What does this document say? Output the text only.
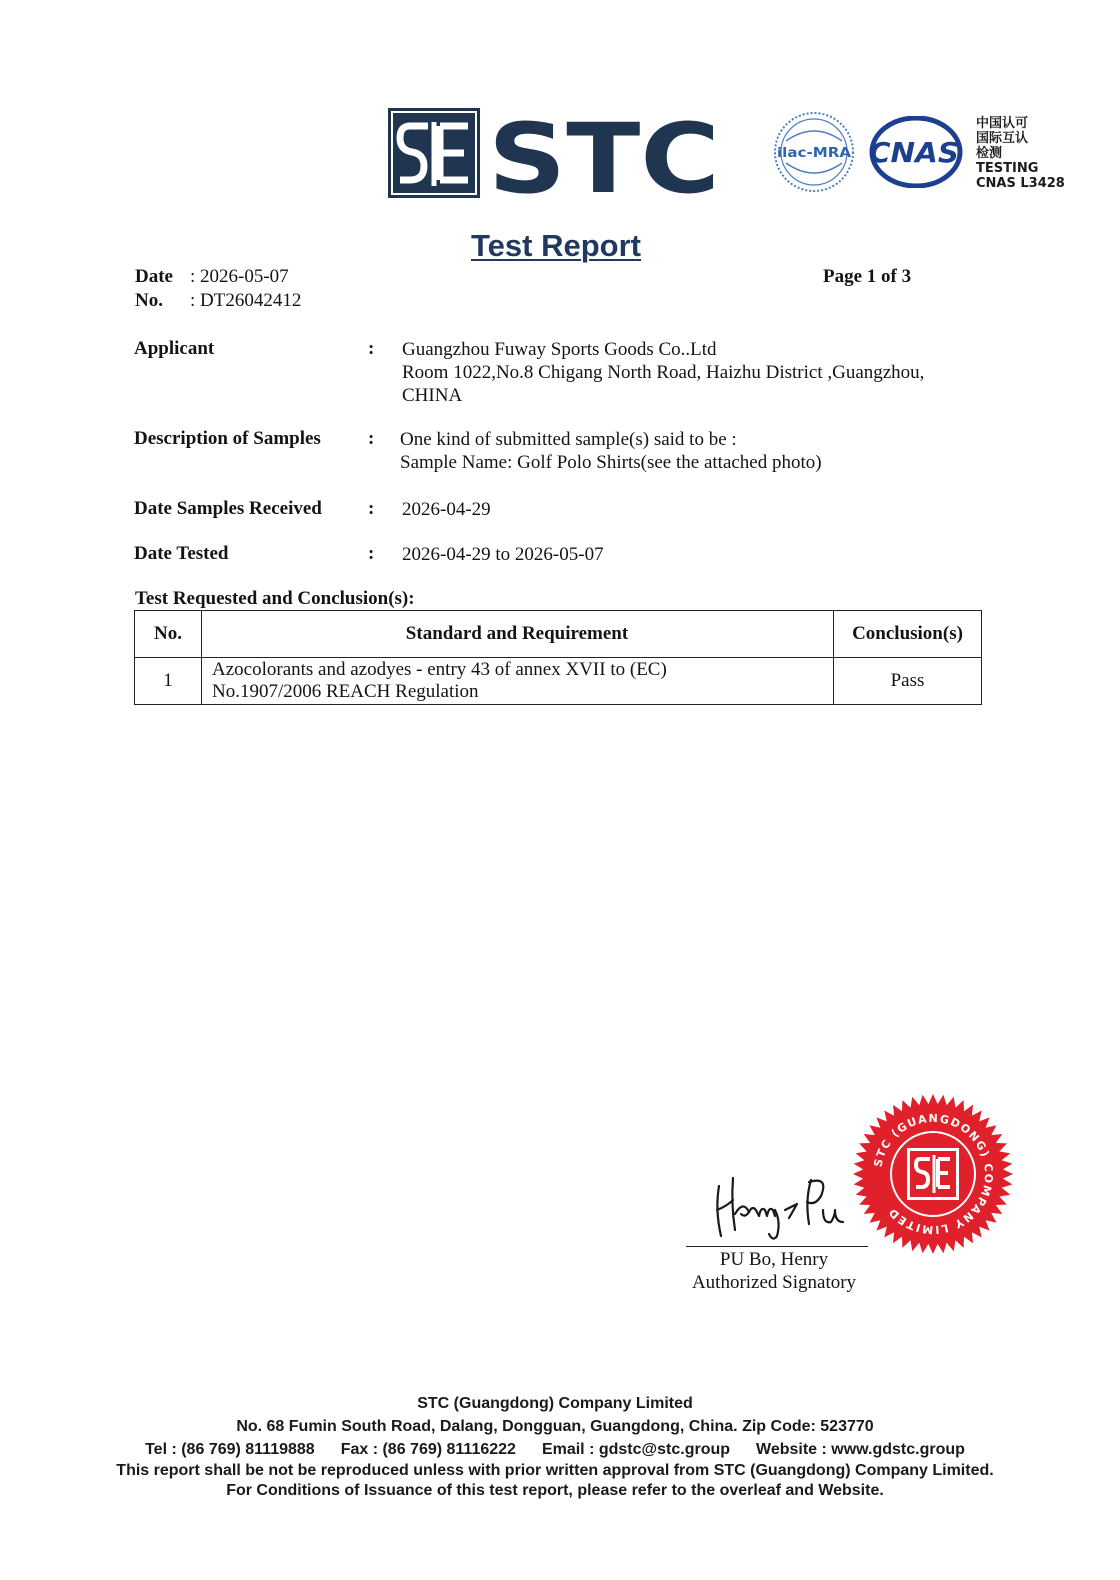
STC	ilac-MRA CNAS
中国认可
国际互认
检测
TESTING
CNAS L3428
Test Report
Date : 2026-05-07
No. : DT26042412
Page 1 of 3
Applicant	: Guangzhou Fuway Sports Goods Co..Ltd
Room 1022,No.8 Chigang North Road, Haizhu District ,Guangzhou,
CHINA
Description of Samples : One kind of submitted sample(s) said to be :
Sample Name: Golf Polo Shirts(see the attached photo)
Date Samples Received : 2026-04-29
Date Tested	: 2026-04-29 to 2026-05-07
Test Requested and Conclusion(s):
No.	Standard and Requirement	Conclusion(s)
1	Azocolorants and azodyes - entry 43 of annex XVII to (EC)
No.1907/2006 REACH Regulation	Pass
PU Bo, Henry
Authorized Signatory
STC (GUANGDONG) COMPANY LIMITED
STC (Guangdong) Company Limited
No. 68 Fumin South Road, Dalang, Dongguan, Guangdong, China. Zip Code: 523770
Tel : (86 769) 81119888 Fax : (86 769) 81116222 Email : gdstc@stc.group Website : www.gdstc.group
This report shall be not be reproduced unless with prior written approval from STC (Guangdong) Company Limited.
For Conditions of Issuance of this test report, please refer to the overleaf and Website.
